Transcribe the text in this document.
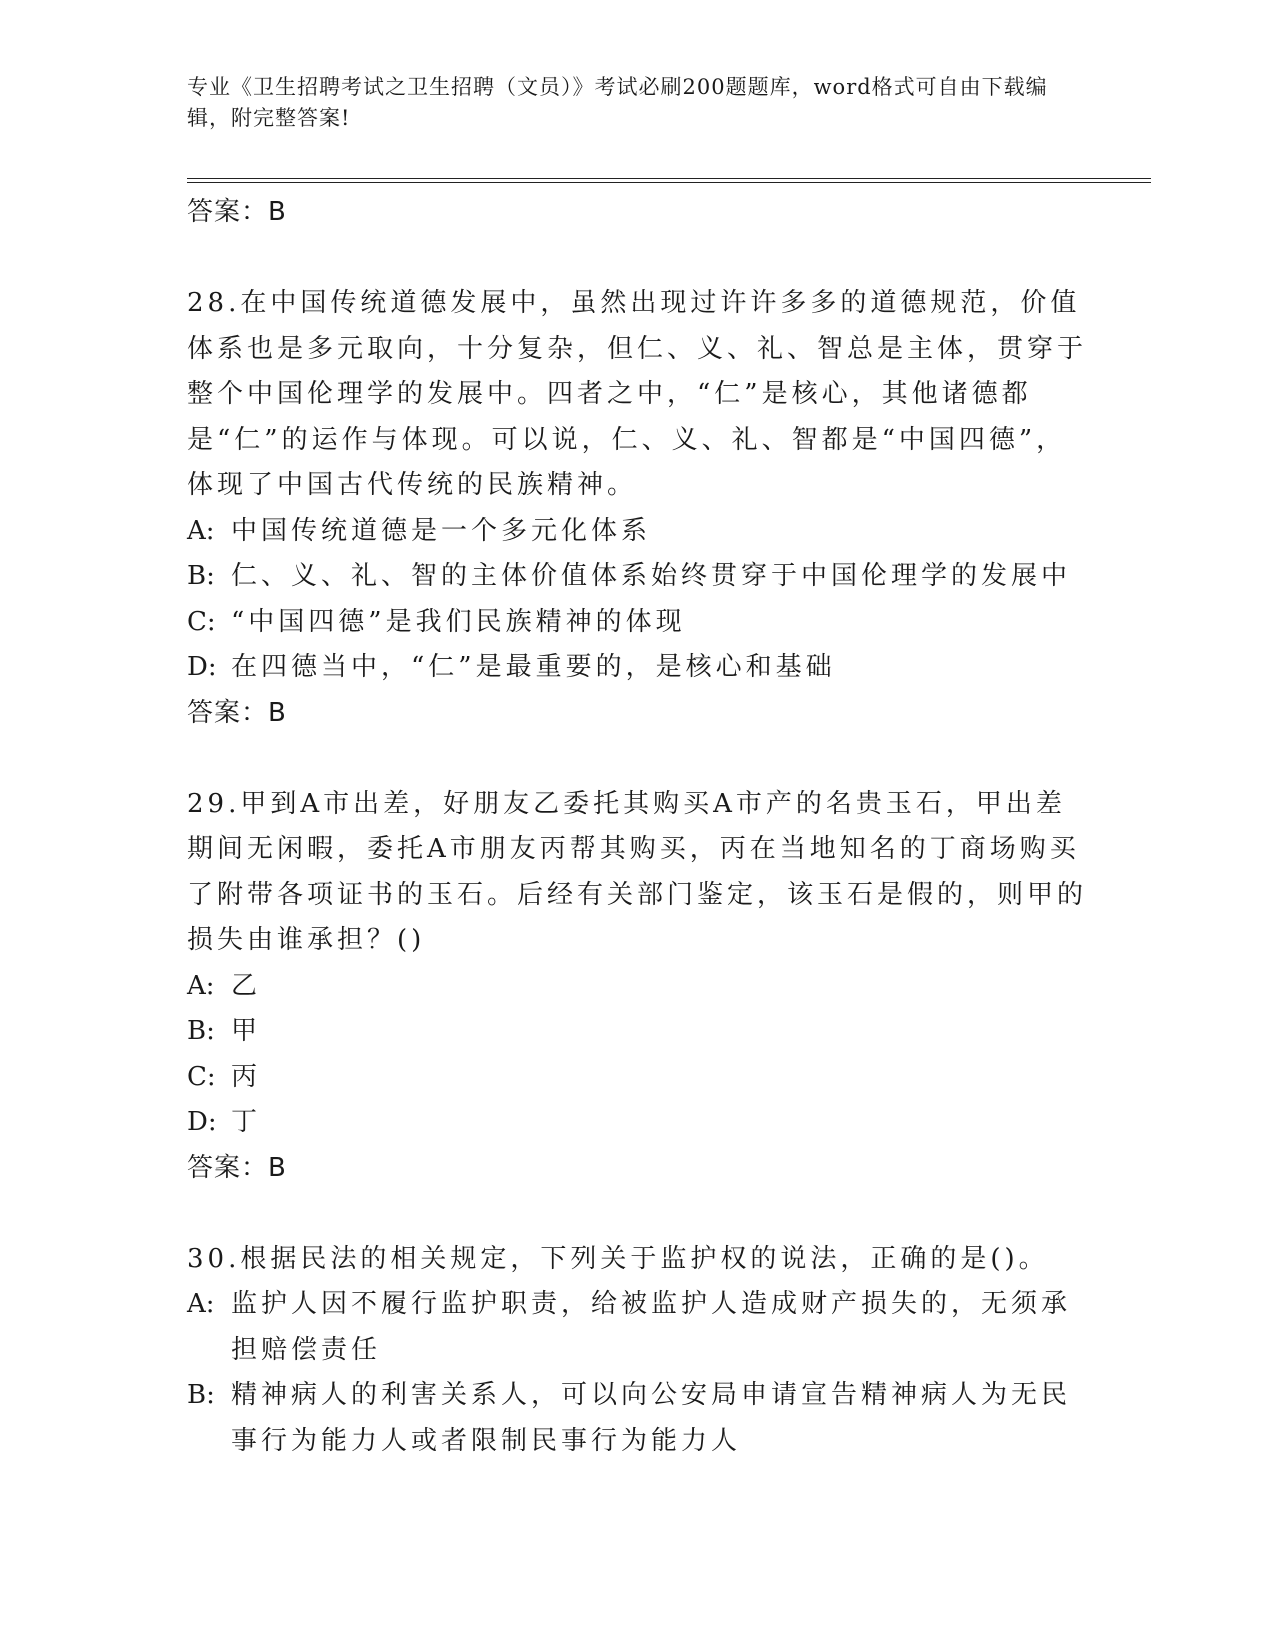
专业《卫生招聘考试之卫生招聘（文员）》考试必刷200题题库，word格式可自由下载编辑，附完整答案!

答案：B

28.在中国传统道德发展中，虽然出现过许许多多的道德规范，价值体系也是多元取向，十分复杂，但仁、义、礼、智总是主体，贯穿于整个中国伦理学的发展中。四者之中，“仁”是核心，其他诸德都是“仁”的运作与体现。可以说，仁、义、礼、智都是“中国四德”，体现了中国古代传统的民族精神。

A: 中国传统道德是一个多元化体系

B: 仁、义、礼、智的主体价值体系始终贯穿于中国伦理学的发展中

C: “中国四德”是我们民族精神的体现

D: 在四德当中，“仁”是最重要的，是核心和基础

答案：B

29.甲到A市出差，好朋友乙委托其购买A市产的名贵玉石，甲出差期间无闲暇，委托A市朋友丙帮其购买，丙在当地知名的丁商场购买了附带各项证书的玉石。后经有关部门鉴定，该玉石是假的，则甲的损失由谁承担？()

A: 乙

B: 甲

C: 丙

D: 丁

答案：B

30.根据民法的相关规定，下列关于监护权的说法，正确的是()。

A: 监护人因不履行监护职责，给被监护人造成财产损失的，无须承担赔偿责任

B: 精神病人的利害关系人，可以向公安局申请宣告精神病人为无民事行为能力人或者限制民事行为能力人
